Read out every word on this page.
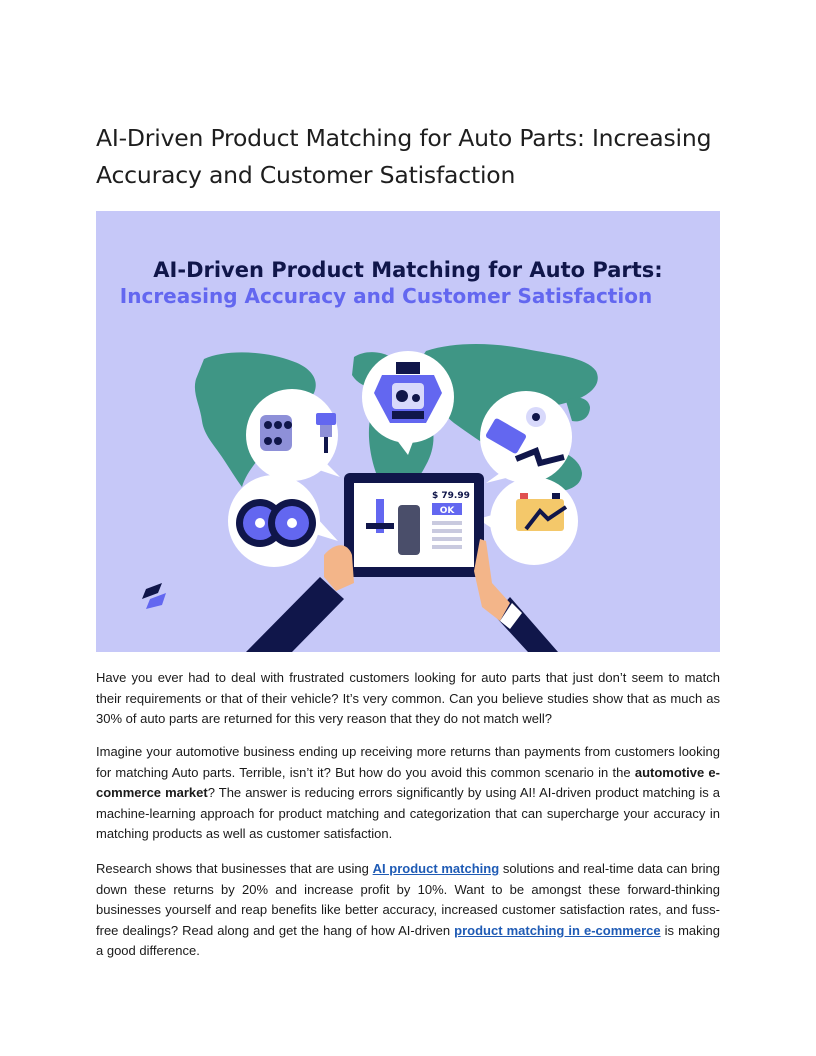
AI-Driven Product Matching for Auto Parts: Increasing Accuracy and Customer Satisfaction
AI-Driven Product Matching for Auto Parts:
Increasing Accuracy and Customer Satisfaction
$ 79.99
OK

Have you ever had to deal with frustrated customers looking for auto parts that just don’t seem to match their requirements or that of their vehicle? It’s very common. Can you believe studies show that as much as 30% of auto parts are returned for this very reason that they do not match well?

Imagine your automotive business ending up receiving more returns than payments from customers looking for matching Auto parts. Terrible, isn’t it? But how do you avoid this common scenario in the automotive e-commerce market? The answer is reducing errors significantly by using AI! AI-driven product matching is a machine-learning approach for product matching and categorization that can supercharge your accuracy in matching products as well as customer satisfaction.

Research shows that businesses that are using AI product matching solutions and real-time data can bring down these returns by 20% and increase profit by 10%. Want to be amongst these forward-thinking businesses yourself and reap benefits like better accuracy, increased customer satisfaction rates, and fuss-free dealings? Read along and get the hang of how AI-driven product matching in e-commerce is making a good difference.
